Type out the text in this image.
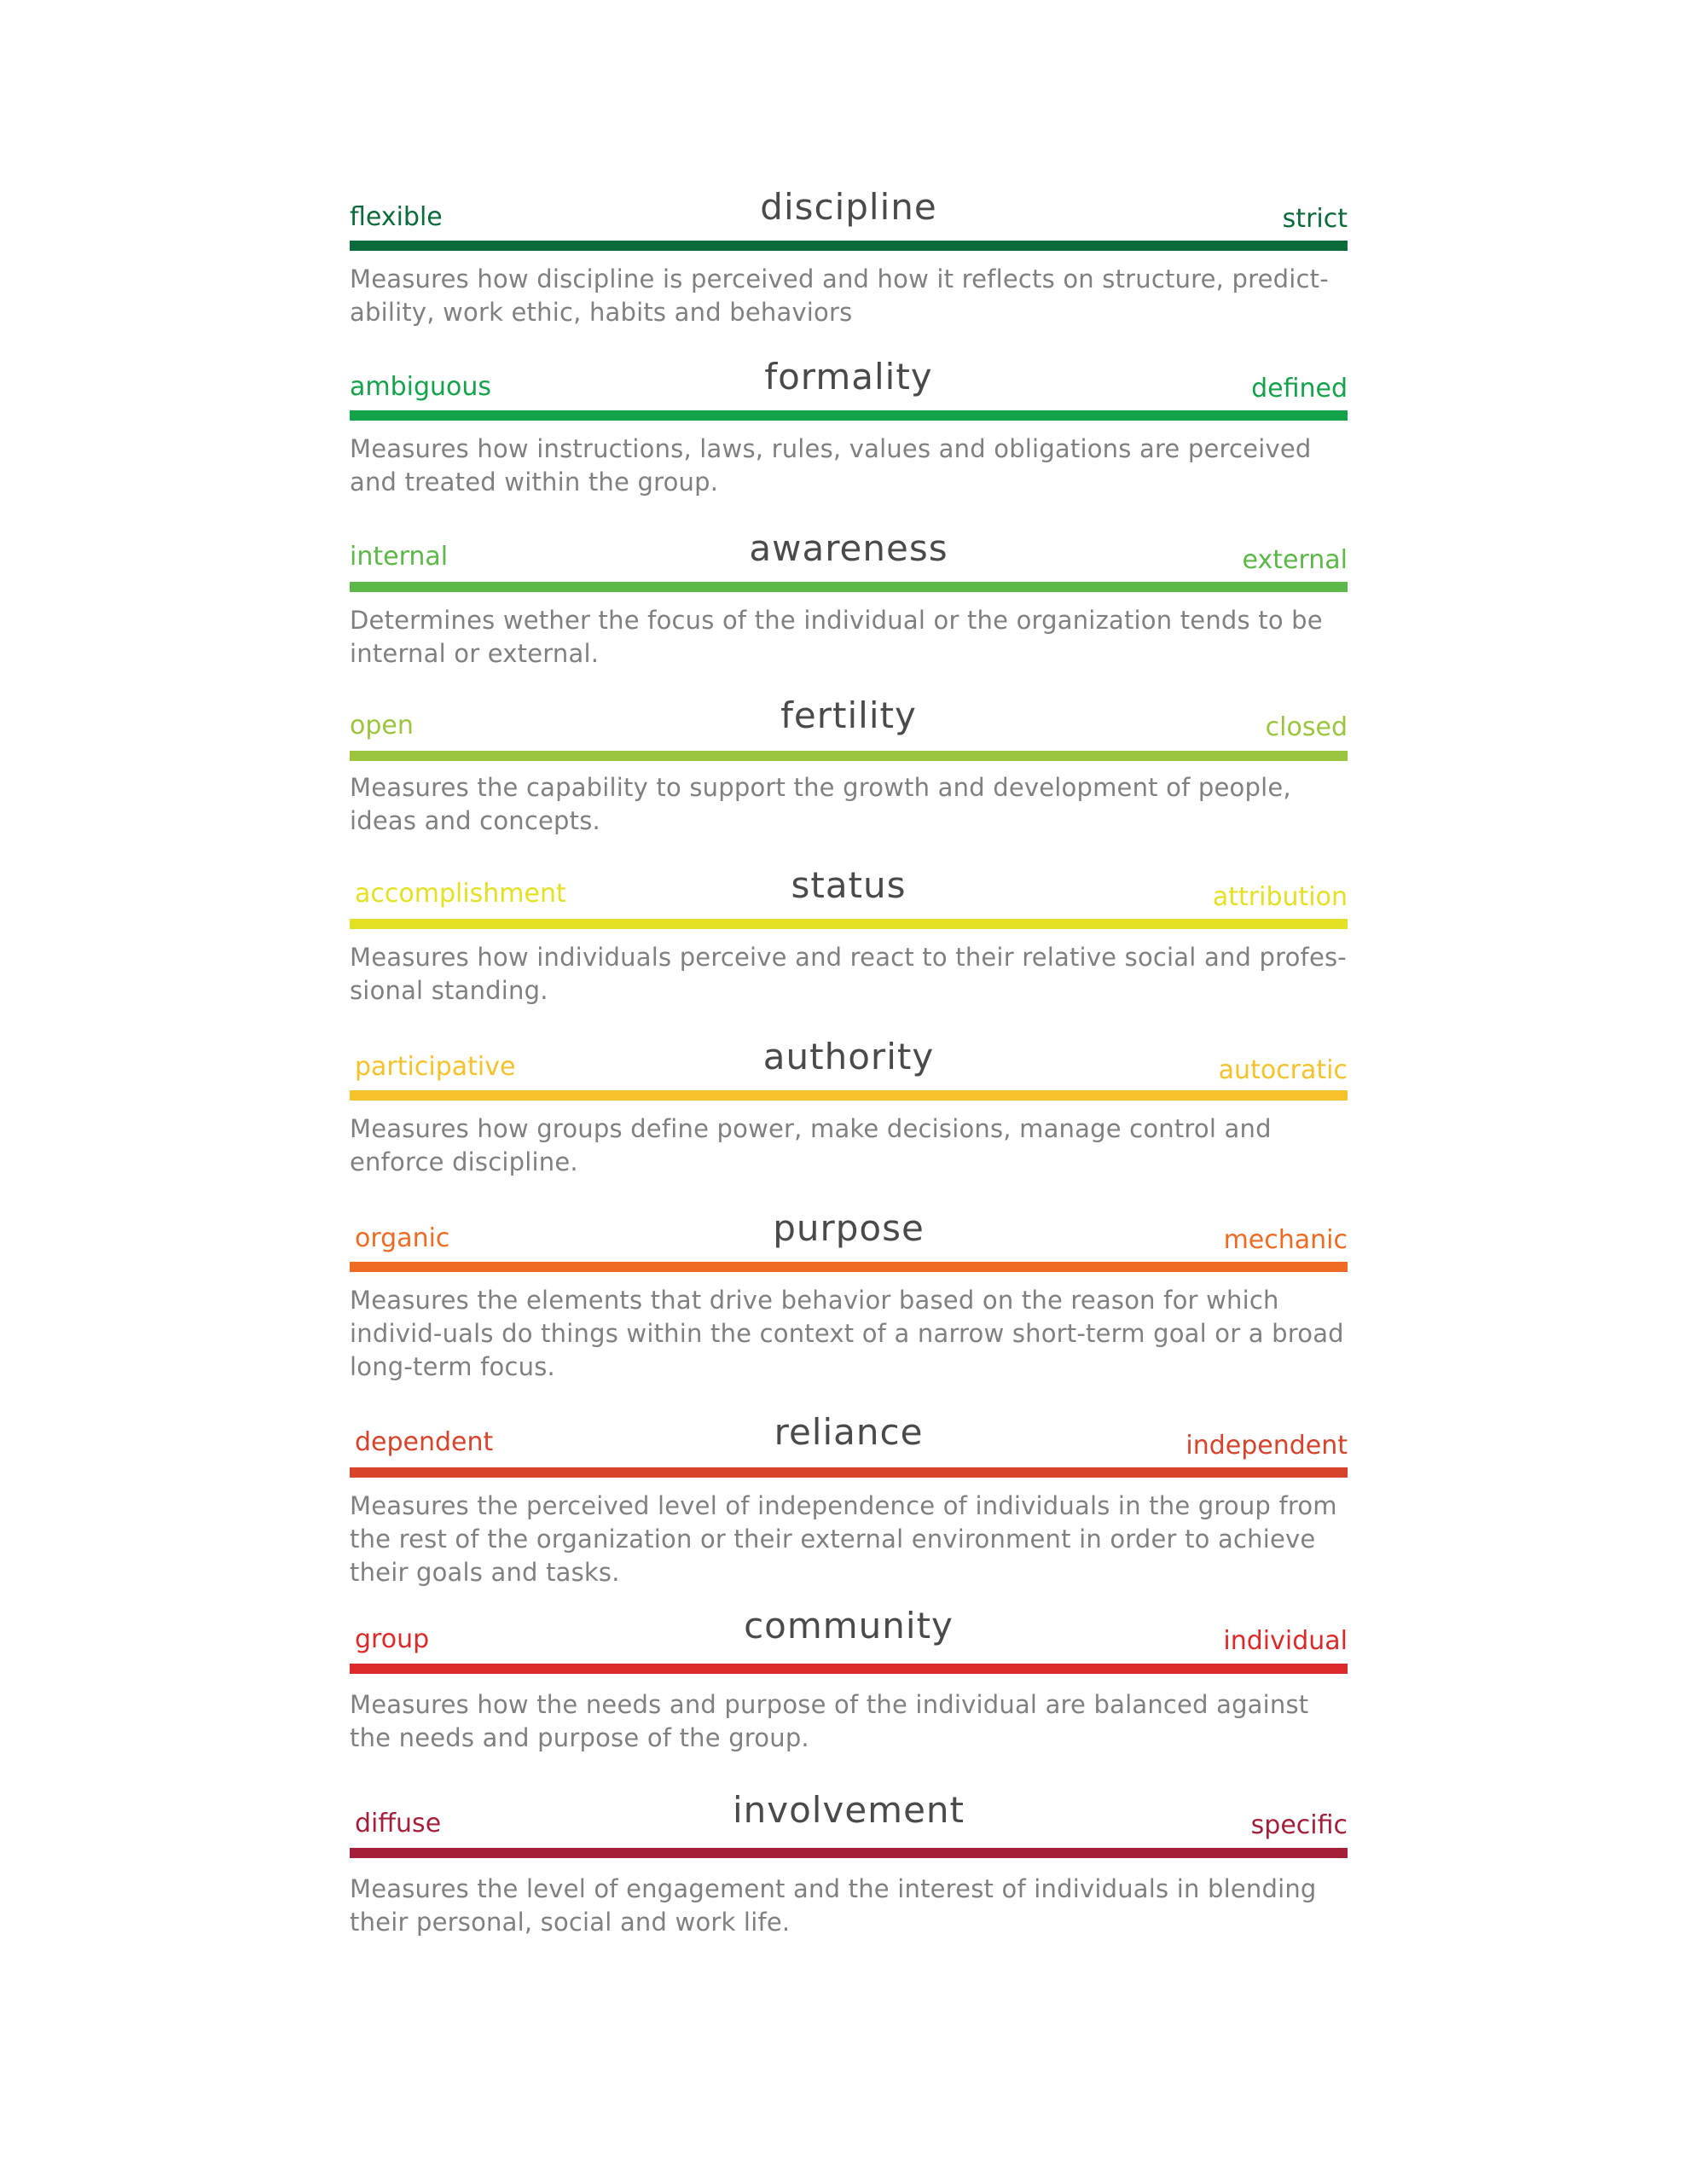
flexible	discipline	strict
Measures how discipline is perceived and how it reflects on structure, predict-ability, work ethic, habits and behaviors
ambiguous	formality	defined
Measures how instructions, laws, rules, values and obligations are perceived and treated within the group.
internal	awareness	external
Determines wether the focus of the individual or the organization tends to be internal or external.
open	fertility	closed
Measures the capability to support the growth and development of people, ideas and concepts.
accomplishment	status	attribution
Measures how individuals perceive and react to their relative social and profes-sional standing.
participative	authority	autocratic
Measures how groups define power, make decisions, manage control and enforce discipline.
organic	purpose	mechanic
Measures the elements that drive behavior based on the reason for which individ-uals do things within the context of a narrow short-term goal or a broad long-term focus.
dependent	reliance	independent
Measures the perceived level of independence of individuals in the group from the rest of the organization or their external environment in order to achieve their goals and tasks.
group	community	individual
Measures how the needs and purpose of the individual are balanced against the needs and purpose of the group.
diffuse	involvement	specific
Measures the level of engagement and the interest of individuals in blending their personal, social and work life.
